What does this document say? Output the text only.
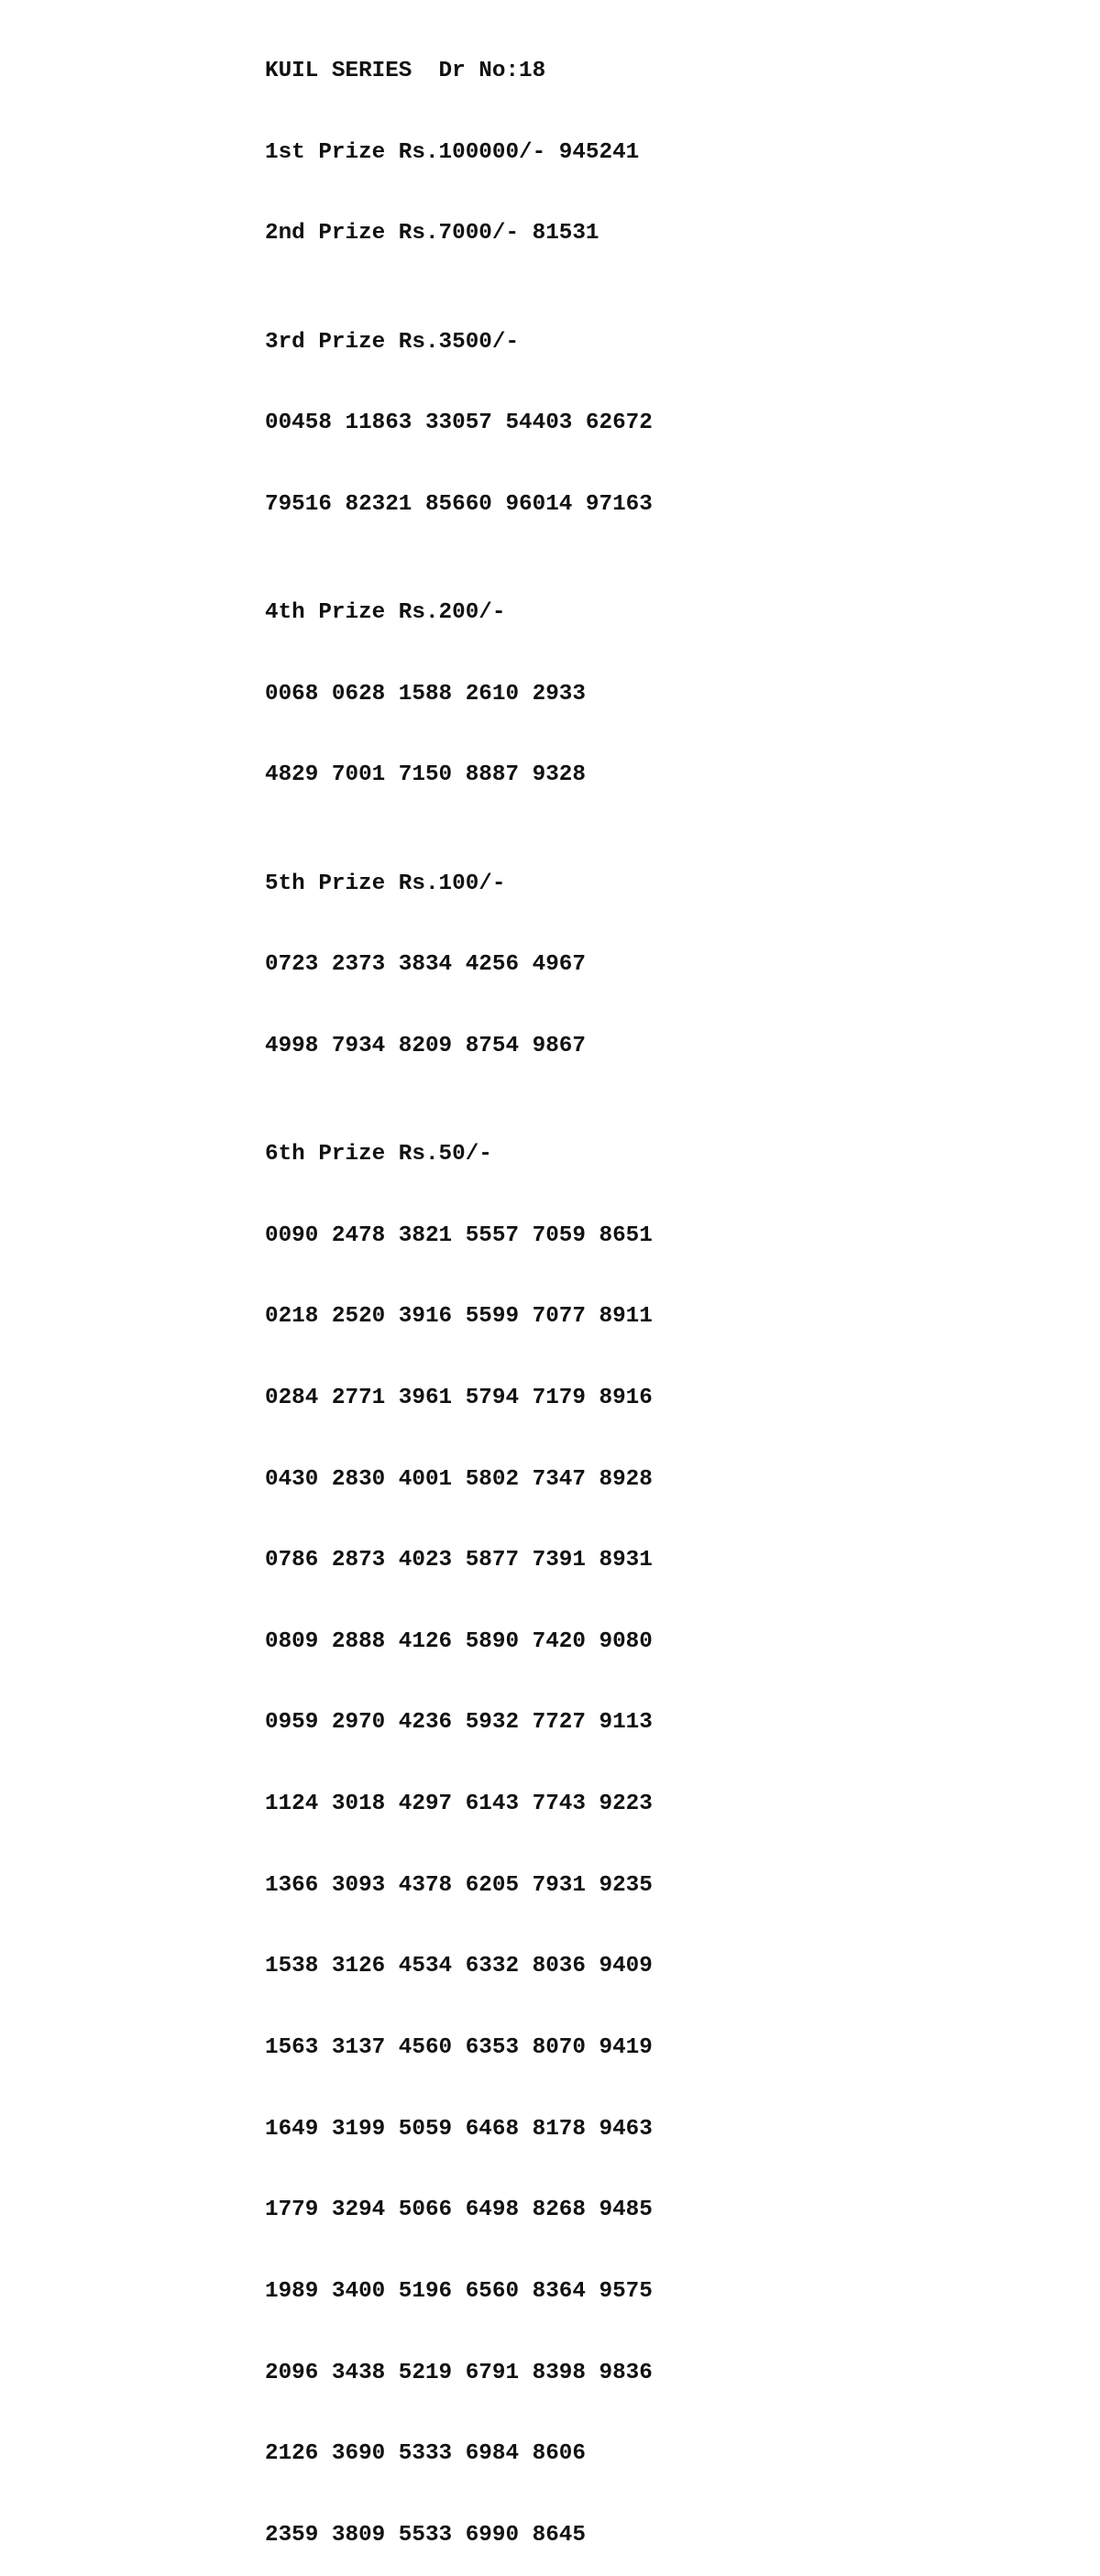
KUIL SERIES  Dr No:18

1st Prize Rs.100000/- 945241

2nd Prize Rs.7000/- 81531

3rd Prize Rs.3500/-

00458 11863 33057 54403 62672

79516 82321 85660 96014 97163

4th Prize Rs.200/-

0068 0628 1588 2610 2933

4829 7001 7150 8887 9328

5th Prize Rs.100/-

0723 2373 3834 4256 4967

4998 7934 8209 8754 9867

6th Prize Rs.50/-

0090 2478 3821 5557 7059 8651

0218 2520 3916 5599 7077 8911

0284 2771 3961 5794 7179 8916

0430 2830 4001 5802 7347 8928

0786 2873 4023 5877 7391 8931

0809 2888 4126 5890 7420 9080

0959 2970 4236 5932 7727 9113

1124 3018 4297 6143 7743 9223

1366 3093 4378 6205 7931 9235

1538 3126 4534 6332 8036 9409

1563 3137 4560 6353 8070 9419

1649 3199 5059 6468 8178 9463

1779 3294 5066 6498 8268 9485

1989 3400 5196 6560 8364 9575

2096 3438 5219 6791 8398 9836

2126 3690 5333 6984 8606

2359 3809 5533 6990 8645
